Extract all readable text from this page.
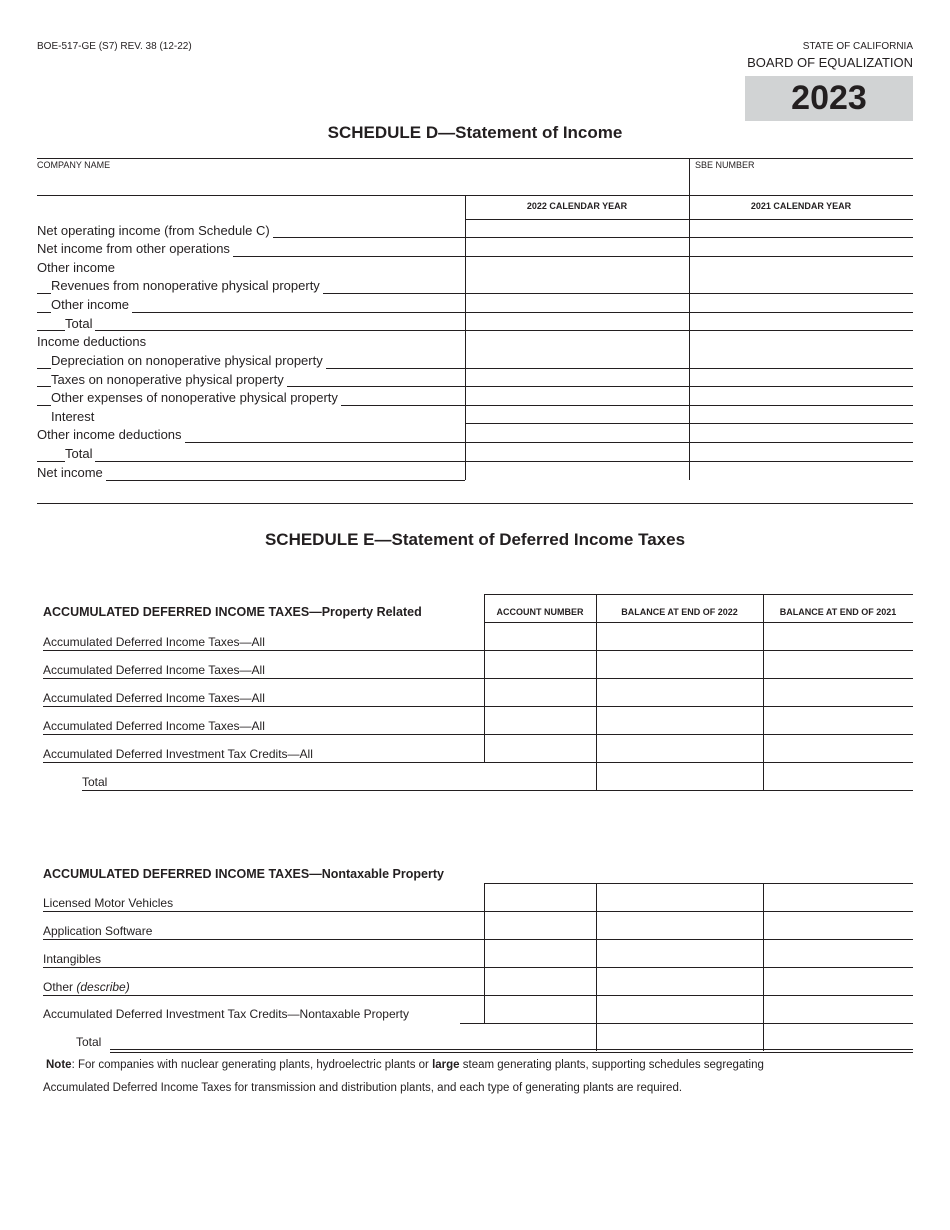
BOE-517-GE (S7) REV. 38 (12-22)	STATE OF CALIFORNIA
BOARD OF EQUALIZATION
2023
SCHEDULE D—Statement of Income
COMPANY NAME	SBE NUMBER
2022 CALENDAR YEAR	2021 CALENDAR YEAR
Net operating income (from Schedule C)
Net income from other operations
Other income
Revenues from nonoperative physical property
Other income
Total
Income deductions
Depreciation on nonoperative physical property
Taxes on nonoperative physical property
Other expenses of nonoperative physical property
Interest
Other income deductions
Total
Net income
SCHEDULE E—Statement of Deferred Income Taxes
ACCOUNT NUMBER	BALANCE AT END OF 2022	BALANCE AT END OF 2021
ACCUMULATED DEFERRED INCOME TAXES—Property Related
Accumulated Deferred Income Taxes—All
Accumulated Deferred Income Taxes—All
Accumulated Deferred Income Taxes—All
Accumulated Deferred Income Taxes—All
Accumulated Deferred Investment Tax Credits—All
Total
ACCUMULATED DEFERRED INCOME TAXES—Nontaxable Property
Licensed Motor Vehicles
Application Software
Intangibles
Other (describe)
Accumulated Deferred Investment Tax Credits—Nontaxable Property
Total
Note: For companies with nuclear generating plants, hydroelectric plants or large steam generating plants, supporting schedules segregating
Accumulated Deferred Income Taxes for transmission and distribution plants, and each type of generating plants are required.
